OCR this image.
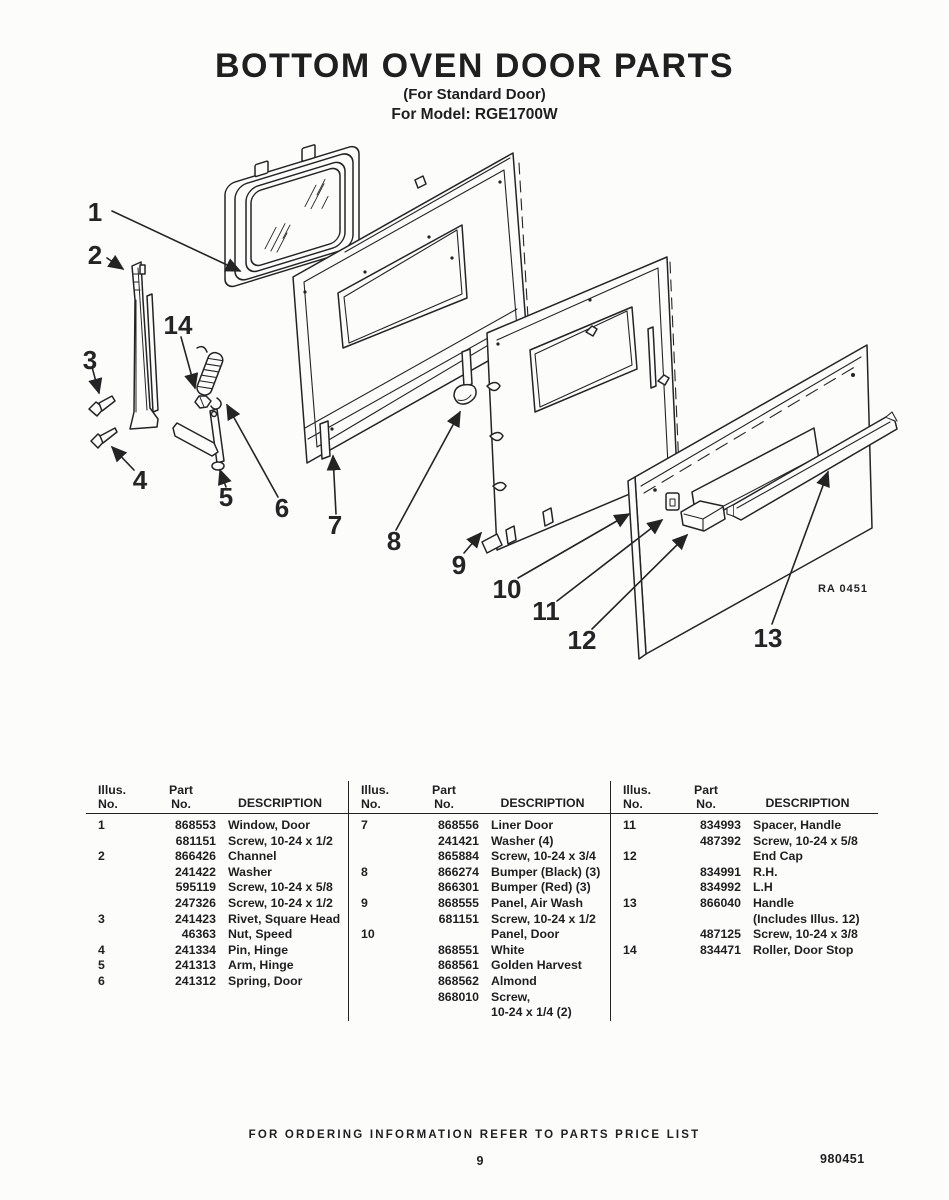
BOTTOM OVEN DOOR PARTS
(For Standard Door)
For Model: RGE1700W
1
2
3
14
4
5 6
7
8
9
10
11
12	13
RA 0451
Illus.
No.
Part
No.	DESCRIPTION
1	868553 Window, Door
681151 Screw, 10-24 x 1/2
2	866426 Channel
241422 Washer
595119 Screw, 10-24 x 5/8
247326 Screw, 10-24 x 1/2
3	241423 Rivet, Square Head
46363 Nut, Speed
4	241334 Pin, Hinge
5	241313 Arm, Hinge
6	241312 Spring, Door
Illus.
No.
Part
No.	DESCRIPTION
7	868556 Liner Door
241421 Washer (4)
865884 Screw, 10-24 x 3/4
8	866274 Bumper (Black) (3)
866301 Bumper (Red) (3)
9	868555 Panel, Air Wash
681151 Screw, 10-24 x 1/2
10	Panel, Door
868551 White
868561 Golden Harvest
868562 Almond
868010 Screw,
10-24 x 1/4 (2)
Illus.
No.
Part
No.	DESCRIPTION
11	834993 Spacer, Handle
487392 Screw, 10-24 x 5/8
12	End Cap
834991 R.H.
834992 L.H
13	866040 Handle
(Includes Illus. 12)
487125 Screw, 10-24 x 3/8
14	834471 Roller, Door Stop
FOR ORDERING INFORMATION REFER TO PARTS PRICE LIST
9	980451
